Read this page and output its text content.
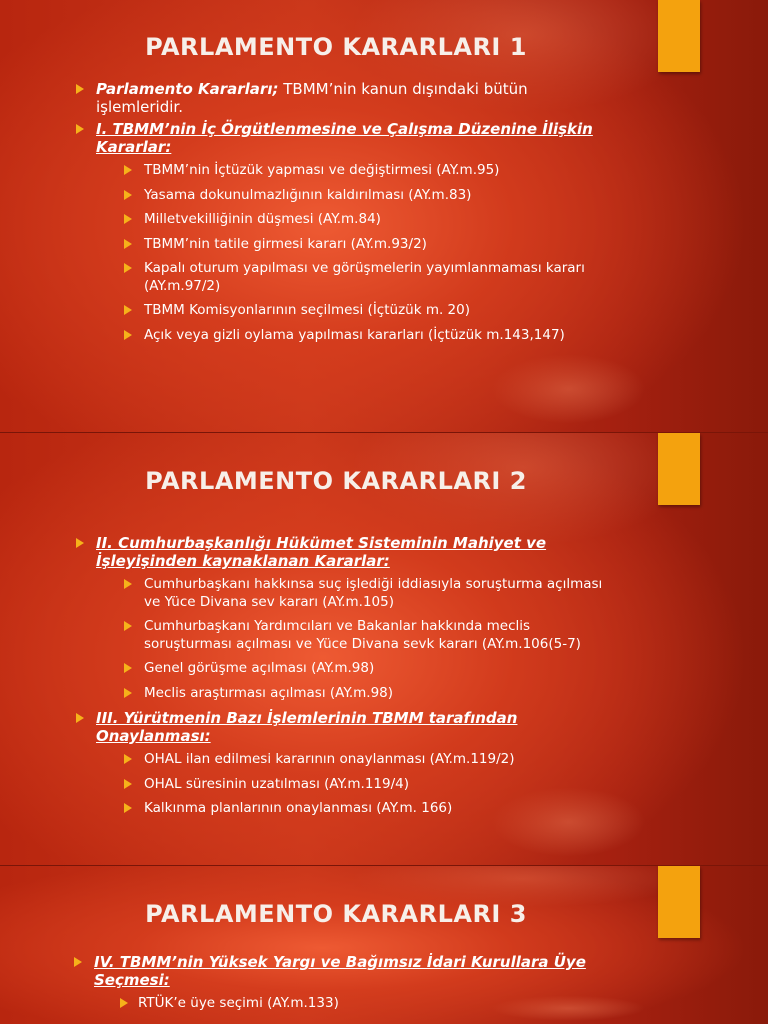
PARLAMENTO KARARLARI 1
Parlamento Kararları; TBMM’nin kanun dışındaki bütün işlemleridir.
I. TBMM’nin İç Örgütlenmesine ve Çalışma Düzenine İlişkin Kararlar:
TBMM’nin İçtüzük yapması ve değiştirmesi (AY.m.95)
Yasama dokunulmazlığının kaldırılması (AY.m.83)
Milletvekilliğinin düşmesi (AY.m.84)
TBMM’nin tatile girmesi kararı (AY.m.93/2)
Kapalı oturum yapılması ve görüşmelerin yayımlanmaması kararı (AY.m.97/2)
TBMM Komisyonlarının seçilmesi (İçtüzük m. 20)
Açık veya gizli oylama yapılması kararları (İçtüzük m.143,147)
PARLAMENTO KARARLARI 2
II. Cumhurbaşkanlığı Hükümet Sisteminin Mahiyet ve İşleyişinden kaynaklanan Kararlar:
Cumhurbaşkanı hakkınsa suç işlediği iddiasıyla soruşturma açılması ve Yüce Divana sev kararı (AY.m.105)
Cumhurbaşkanı Yardımcıları ve Bakanlar hakkında meclis soruşturması açılması ve Yüce Divana sevk kararı (AY.m.106(5-7)
Genel görüşme açılması (AY.m.98)
Meclis araştırması açılması (AY.m.98)
III. Yürütmenin Bazı İşlemlerinin TBMM tarafından Onaylanması:
OHAL ilan edilmesi kararının onaylanması (AY.m.119/2)
OHAL süresinin uzatılması (AY.m.119/4)
Kalkınma planlarının onaylanması (AY.m. 166)
PARLAMENTO KARARLARI 3
IV. TBMM’nin Yüksek Yargı ve Bağımsız İdari Kurullara Üye Seçmesi:
RTÜK’e üye seçimi (AY.m.133)
